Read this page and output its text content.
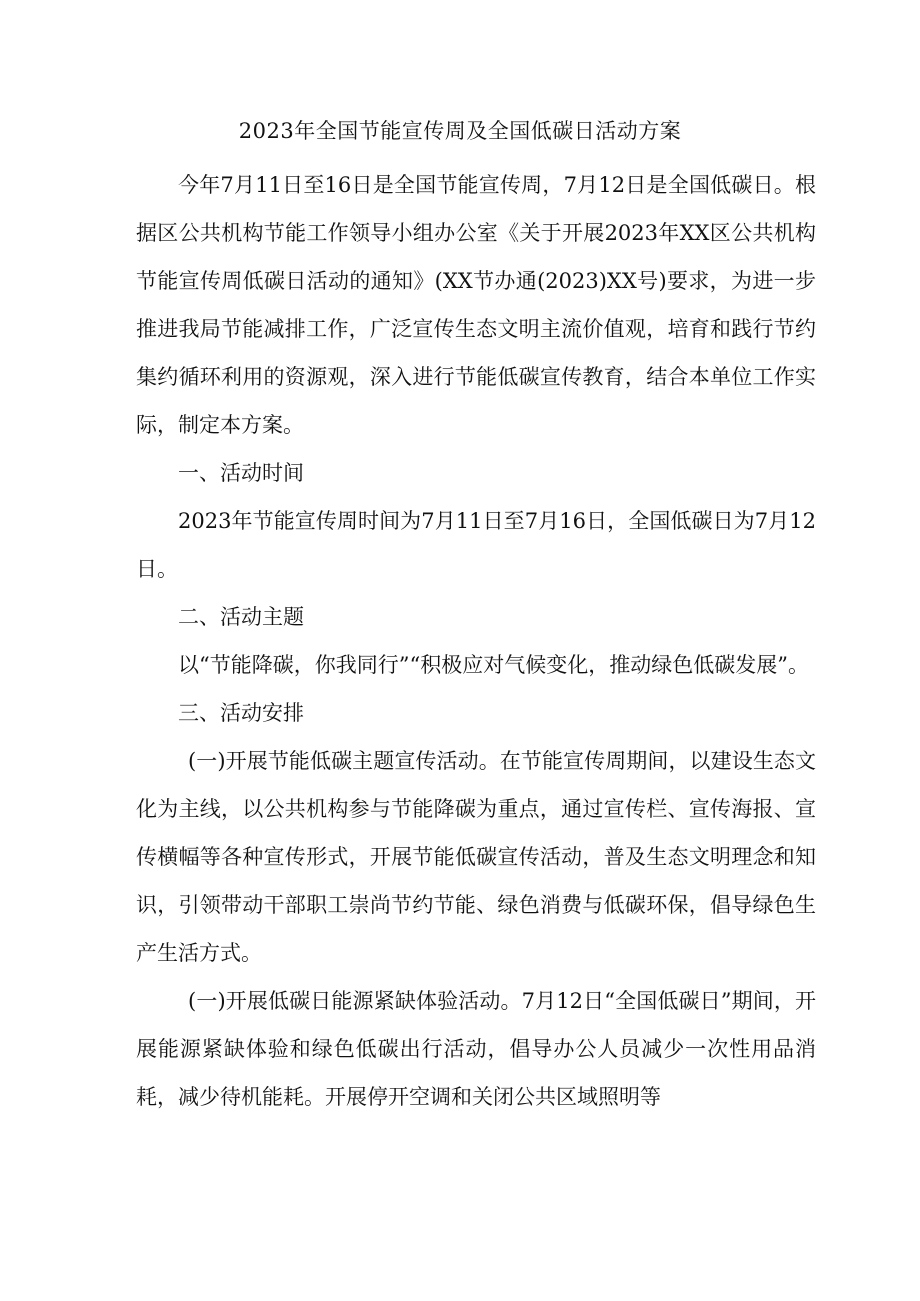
2023年全国节能宣传周及全国低碳日活动方案

今年7月11日至16日是全国节能宣传周，7月12日是全国低碳日。根据区公共机构节能工作领导小组办公室《关于开展2023年XX区公共机构节能宣传周低碳日活动的通知》(XX节办通(2023)XX号)要求，为进一步推进我局节能减排工作，广泛宣传生态文明主流价值观，培育和践行节约集约循环利用的资源观，深入进行节能低碳宣传教育，结合本单位工作实际，制定本方案。

一、活动时间

2023年节能宣传周时间为7月11日至7月16日，全国低碳日为7月12日。

二、活动主题

以“节能降碳，你我同行”“积极应对气候变化，推动绿色低碳发展”。

三、活动安排

(一)开展节能低碳主题宣传活动。在节能宣传周期间，以建设生态文化为主线，以公共机构参与节能降碳为重点，通过宣传栏、宣传海报、宣传横幅等各种宣传形式，开展节能低碳宣传活动，普及生态文明理念和知识，引领带动干部职工崇尚节约节能、绿色消费与低碳环保，倡导绿色生产生活方式。

(一)开展低碳日能源紧缺体验活动。7月12日“全国低碳日”期间，开展能源紧缺体验和绿色低碳出行活动，倡导办公人员减少一次性用品消耗，减少待机能耗。开展停开空调和关闭公共区域照明等
